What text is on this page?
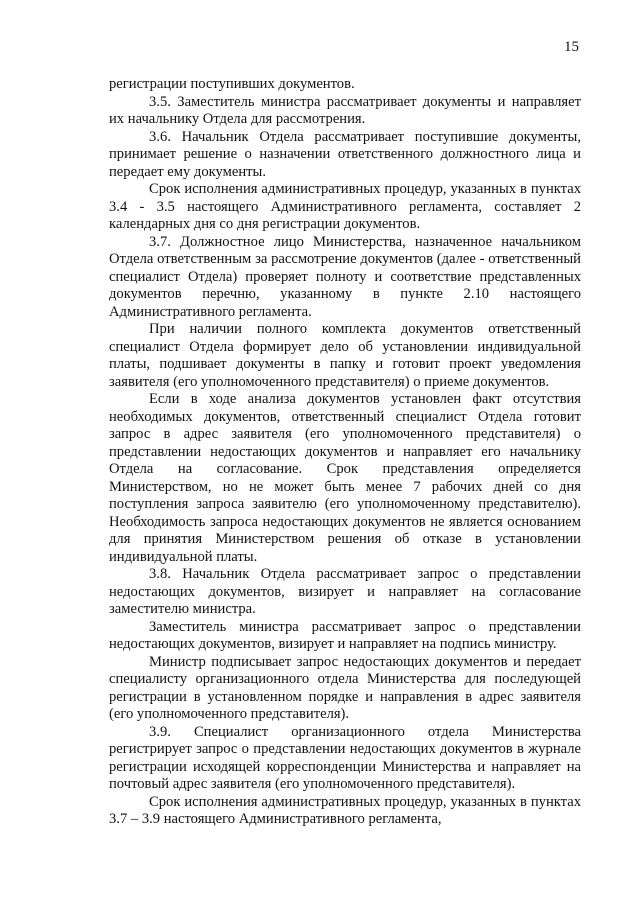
15

регистрации поступивших документов.

3.5. Заместитель министра рассматривает документы и направляет их начальнику Отдела для рассмотрения.

3.6. Начальник Отдела рассматривает поступившие документы, принимает решение о назначении ответственного должностного лица и передает ему документы.

Срок исполнения административных процедур, указанных в пунктах 3.4 - 3.5 настоящего Административного регламента, составляет 2 календарных дня со дня регистрации документов.

3.7. Должностное лицо Министерства, назначенное начальником Отдела ответственным за рассмотрение документов (далее - ответственный специалист Отдела) проверяет полноту и соответствие представленных документов перечню, указанному в пункте 2.10 настоящего Административного регламента.

При наличии полного комплекта документов ответственный специалист Отдела формирует дело об установлении индивидуальной платы, подшивает документы в папку и готовит проект уведомления заявителя (его уполномоченного представителя) о приеме документов.

Если в ходе анализа документов установлен факт отсутствия необходимых документов, ответственный специалист Отдела готовит запрос в адрес заявителя (его уполномоченного представителя) о представлении недостающих документов и направляет его начальнику Отдела на согласование. Срок представления определяется Министерством, но не может быть менее 7 рабочих дней со дня поступления запроса заявителю (его уполномоченному представителю). Необходимость запроса недостающих документов не является основанием для принятия Министерством решения об отказе в установлении индивидуальной платы.

3.8. Начальник Отдела рассматривает запрос о представлении недостающих документов, визирует и направляет на согласование заместителю министра.

Заместитель министра рассматривает запрос о представлении недостающих документов, визирует и направляет на подпись министру.

Министр подписывает запрос недостающих документов и передает специалисту организационного отдела Министерства для последующей регистрации в установленном порядке и направления в адрес заявителя (его уполномоченного представителя).

3.9. Специалист организационного отдела Министерства регистрирует запрос о представлении недостающих документов в журнале регистрации исходящей корреспонденции Министерства и направляет на почтовый адрес заявителя (его уполномоченного представителя).

Срок исполнения административных процедур, указанных в пунктах 3.7 – 3.9 настоящего Административного регламента,
